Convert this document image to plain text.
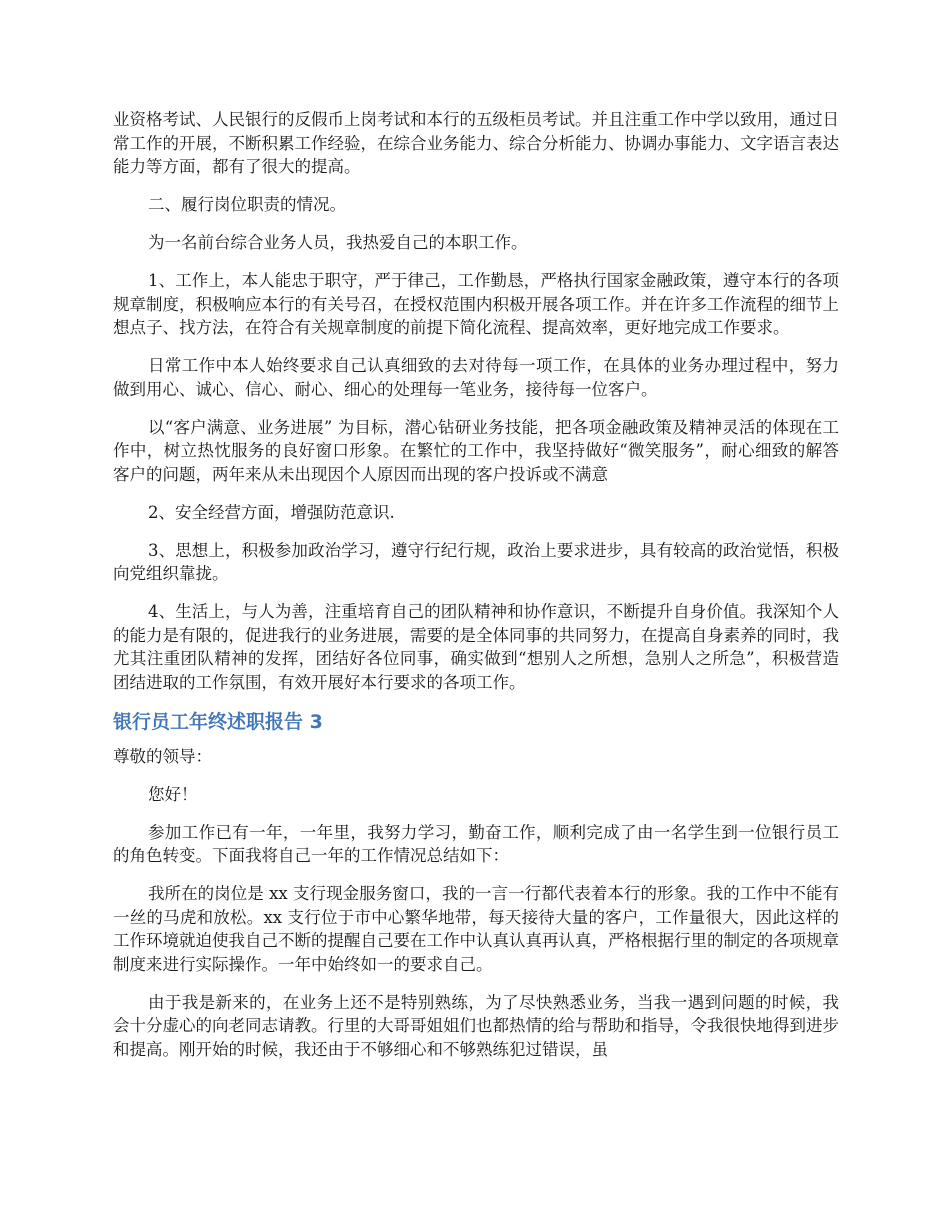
业资格考试、人民银行的反假币上岗考试和本行的五级柜员考试。并且注重工作中学以致用，通过日常工作的开展，不断积累工作经验，在综合业务能力、综合分析能力、协调办事能力、文字语言表达能力等方面，都有了很大的提高。

二、履行岗位职责的情况。

为一名前台综合业务人员，我热爱自己的本职工作。

1、工作上，本人能忠于职守，严于律己，工作勤恳，严格执行国家金融政策，遵守本行的各项规章制度，积极响应本行的有关号召，在授权范围内积极开展各项工作。并在许多工作流程的细节上想点子、找方法，在符合有关规章制度的前提下简化流程、提高效率，更好地完成工作要求。

日常工作中本人始终要求自己认真细致的去对待每一项工作，在具体的业务办理过程中，努力做到用心、诚心、信心、耐心、细心的处理每一笔业务，接待每一位客户。

以“客户满意、业务进展” 为目标，潜心钻研业务技能，把各项金融政策及精神灵活的体现在工作中，树立热忱服务的良好窗口形象。在繁忙的工作中，我坚持做好“微笑服务”，耐心细致的解答客户的问题，两年来从未出现因个人原因而出现的客户投诉或不满意

2、安全经营方面，增强防范意识.

3、思想上，积极参加政治学习，遵守行纪行规，政治上要求进步，具有较高的政治觉悟，积极向党组织靠拢。

4、生活上，与人为善，注重培育自己的团队精神和协作意识，不断提升自身价值。我深知个人的能力是有限的，促进我行的业务进展，需要的是全体同事的共同努力，在提高自身素养的同时，我尤其注重团队精神的发挥，团结好各位同事，确实做到“想别人之所想，急别人之所急”，积极营造团结进取的工作氛围，有效开展好本行要求的各项工作。

银行员工年终述职报告 3

尊敬的领导：

您好！

参加工作已有一年，一年里，我努力学习，勤奋工作，顺利完成了由一名学生到一位银行员工的角色转变。下面我将自己一年的工作情况总结如下：

我所在的岗位是 xx 支行现金服务窗口，我的一言一行都代表着本行的形象。我的工作中不能有一丝的马虎和放松。xx 支行位于市中心繁华地带，每天接待大量的客户，工作量很大，因此这样的工作环境就迫使我自己不断的提醒自己要在工作中认真认真再认真，严格根据行里的制定的各项规章制度来进行实际操作。一年中始终如一的要求自己。

由于我是新来的，在业务上还不是特别熟练，为了尽快熟悉业务，当我一遇到问题的时候，我会十分虚心的向老同志请教。行里的大哥哥姐姐们也都热情的给与帮助和指导，令我很快地得到进步和提高。刚开始的时候，我还由于不够细心和不够熟练犯过错误，虽
